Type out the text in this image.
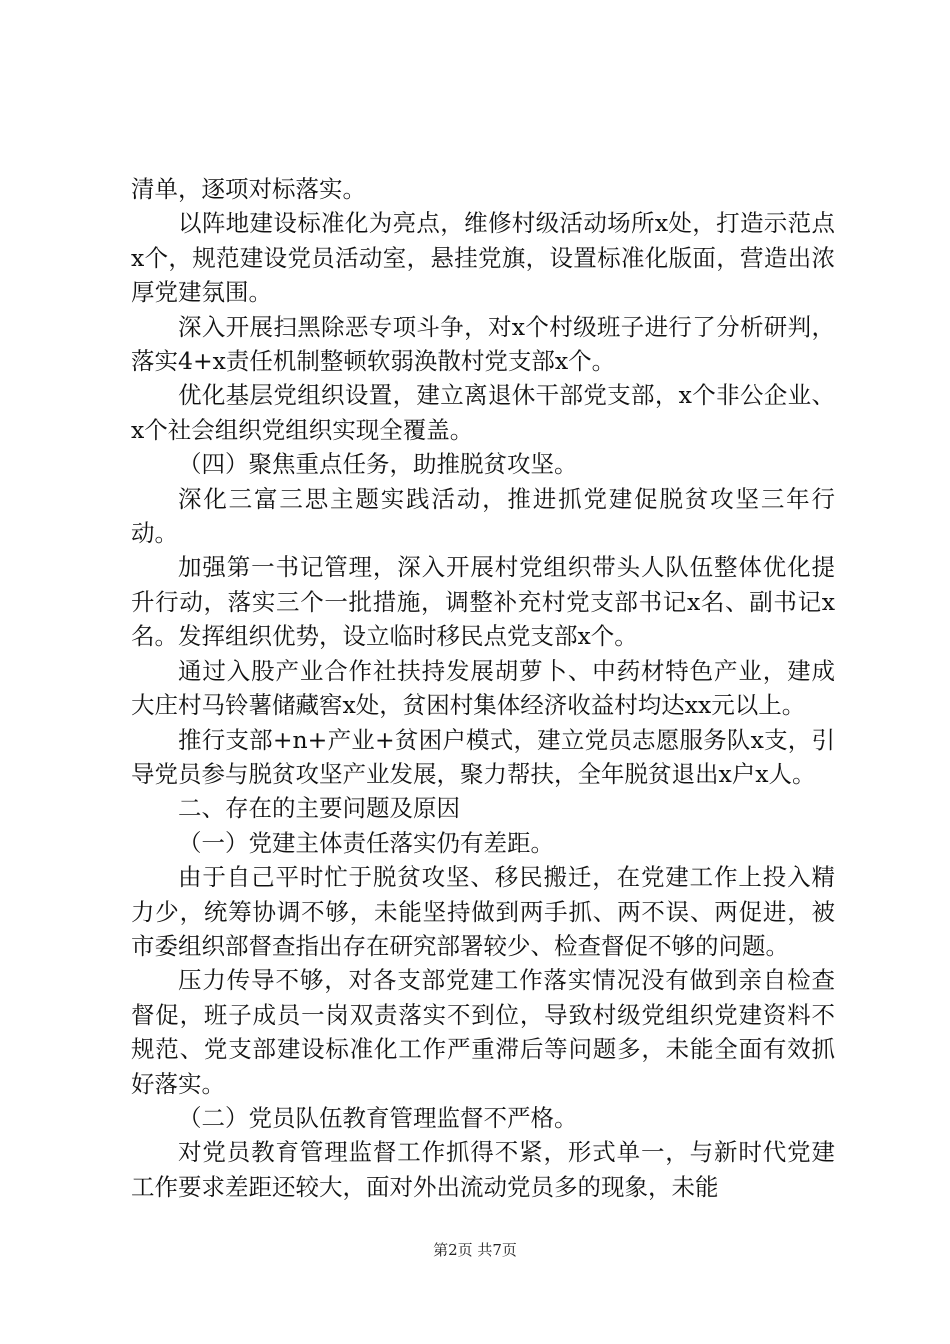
清单，逐项对标落实。

以阵地建设标准化为亮点，维修村级活动场所x处，打造示范点x个，规范建设党员活动室，悬挂党旗，设置标准化版面，营造出浓厚党建氛围。

深入开展扫黑除恶专项斗争，对x个村级班子进行了分析研判，落实4+x责任机制整顿软弱涣散村党支部x个。

优化基层党组织设置，建立离退休干部党支部，x个非公企业、x个社会组织党组织实现全覆盖。

（四）聚焦重点任务，助推脱贫攻坚。

深化三富三思主题实践活动，推进抓党建促脱贫攻坚三年行动。

加强第一书记管理，深入开展村党组织带头人队伍整体优化提升行动，落实三个一批措施，调整补充村党支部书记x名、副书记x名。发挥组织优势，设立临时移民点党支部x个。

通过入股产业合作社扶持发展胡萝卜、中药材特色产业，建成大庄村马铃薯储藏窖x处，贫困村集体经济收益村均达xx元以上。

推行支部+n+产业+贫困户模式，建立党员志愿服务队x支，引导党员参与脱贫攻坚产业发展，聚力帮扶，全年脱贫退出x户x人。

二、存在的主要问题及原因

（一）党建主体责任落实仍有差距。

由于自己平时忙于脱贫攻坚、移民搬迁，在党建工作上投入精力少，统筹协调不够，未能坚持做到两手抓、两不误、两促进，被市委组织部督查指出存在研究部署较少、检查督促不够的问题。

压力传导不够，对各支部党建工作落实情况没有做到亲自检查督促，班子成员一岗双责落实不到位，导致村级党组织党建资料不规范、党支部建设标准化工作严重滞后等问题多，未能全面有效抓好落实。

（二）党员队伍教育管理监督不严格。

对党员教育管理监督工作抓得不紧，形式单一，与新时代党建工作要求差距还较大，面对外出流动党员多的现象，未能

第2页 共7页
